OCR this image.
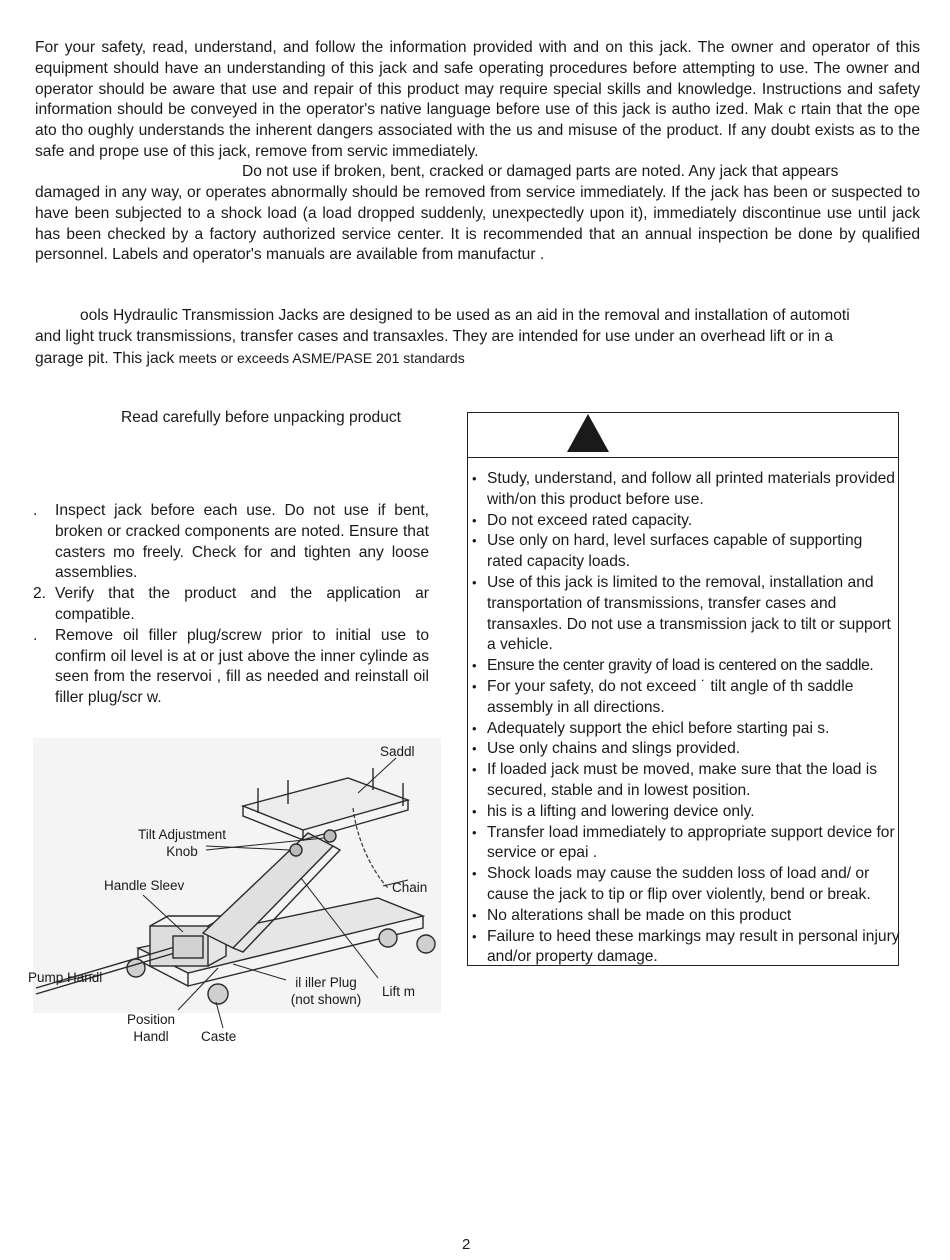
For your safety, read, understand, and follow the information provided with and on this jack. The owner and operator of this equipment should have an understanding of this jack and safe operating procedures before attempting to use. The owner and operator should be aware that use and repair of this product may require special skills and knowledge. Instructions and safety information should be conveyed in the operator's native language before use of this jack is autho ized. Mak c rtain that the ope ato tho oughly understands the inherent dangers associated with the us and misuse of the product. If any doubt exists as to the safe and prope use of this jack, remove from servic immediately.

Do not use if broken, bent, cracked or damaged parts are noted. Any jack that appears

damaged in any way, or operates abnormally should be removed from service immediately. If the jack has been or suspected to have been subjected to a shock load (a load dropped suddenly, unexpectedly upon it), immediately discontinue use until jack has been checked by a factory authorized service center. It is recommended that an annual inspection be done by qualified personnel. Labels and operator's manuals are available from manufactur .

ools Hydraulic Transmission Jacks are designed to be used as an aid in the removal and installation of automoti

and light truck transmissions, transfer cases and transaxles. They are intended for use under an overhead lift or in a

garage pit. This jack meets or exceeds ASME/PASE 201 standards

Read carefully before unpacking product

. Inspect jack before each use. Do not use if bent, broken or cracked components are noted. Ensure that casters mo freely. Check for and tighten any loose assemblies.
2. Verify that the product and the application ar compatible.
. Remove oil filler plug/screw prior to initial use to confirm oil level is at or just above the inner cylinde as seen from the reservoi , fill as needed and reinstall oil filler plug/scr w.
• Study, understand, and follow all printed materials provided with/on this product before use.
• Do not exceed rated capacity.
• Use only on hard, level surfaces capable of supporting rated capacity loads.
• Use of this jack is limited to the removal, installation and transportation of transmissions, transfer cases and transaxles. Do not use a transmission jack to tilt or support a vehicle.
• Ensure the center gravity of load is centered on the saddle.
• For your safety, do not exceed ˙ tilt angle of th saddle assembly in all directions.
• Adequately support the ehicl before starting pai s.
• Use only chains and slings provided.
• If loaded jack must be moved, make sure that the load is secured, stable and in lowest position.
• his is a lifting and lowering device only.
• Transfer load immediately to appropriate support device for service or epai .
• Shock loads may cause the sudden loss of load and/ or cause the jack to tip or flip over violently, bend or break.
• No alterations shall be made on this product
• Failure to heed these markings may result in personal injury and/or property damage.
Saddl
Tilt Adjustment
Knob
Handle Sleev	Chain
Pump Handl	il iller Plug
(not shown)
Lift m
Position
Handl	Caste
2
